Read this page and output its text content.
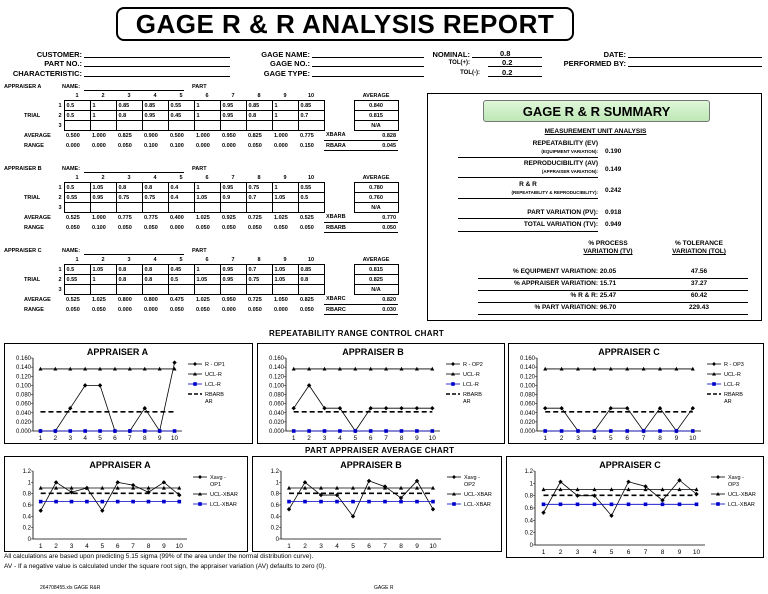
GAGE R & R ANALYSIS REPORT
CUSTOMER:
PART NO.:
CHARACTERISTIC:
GAGE NAME:
GAGE NO.:
GAGE TYPE:
NOMINAL:	0.8
TOL(+):	0.2
TOL(-):	0.2
DATE:
PERFORMED BY:
APPRAISER A	NAME:
		1	2	3	4	5	6	7	8	9	10		AVERAGE
	1	0.5	1	0.85	0.85	0.55	1	0.95	0.85	1	0.85		0.840
TRIAL	2	0.5	1	0.8	0.95	0.45	1	0.95	0.8	1	0.7		0.815
	3												N/A
AVERAGE		0.500	1.000	0.825	0.900	0.500	1.000	0.950	0.825	1.000	0.775	XBARA	0.828
RANGE		0.000	0.000	0.050	0.100	0.100	0.000	0.000	0.050	0.000	0.150	RBARA	0.045
PART
APPRAISER B	NAME:
		1	2	3	4	5	6	7	8	9	10		AVERAGE
	1	0.5	1.05	0.8	0.8	0.4	1	0.95	0.75	1	0.55		0.780
TRIAL	2	0.55	0.95	0.75	0.75	0.4	1.05	0.9	0.7	1.05	0.5		0.760
	3												N/A
AVERAGE		0.525	1.000	0.775	0.775	0.400	1.025	0.925	0.725	1.025	0.525	XBARB	0.770
RANGE		0.050	0.100	0.050	0.050	0.000	0.050	0.050	0.050	0.050	0.050	RBARB	0.050
PART
APPRAISER C	NAME:
		1	2	3	4	5	6	7	8	9	10		AVERAGE
	1	0.5	1.05	0.8	0.8	0.45	1	0.95	0.7	1.05	0.85		0.815
TRIAL	2	0.55	1	0.8	0.8	0.5	1.05	0.95	0.75	1.05	0.8		0.825
	3												N/A
AVERAGE		0.525	1.025	0.800	0.800	0.475	1.025	0.950	0.725	1.050	0.825	XBARC	0.820
RANGE		0.050	0.050	0.000	0.000	0.050	0.050	0.000	0.050	0.000	0.050	RBARC	0.030
PART
GAGE R & R SUMMARY
MEASUREMENT UNIT ANALYSIS
REPEATABILITY (EV)
(EQUIPMENT VARIATION): 0.190
REPRODUCIBILITY (AV)
(APPRAISER VARIATION): 0.149
R & R
(REPEATABILITY & REPRODUCIBILITY): 0.242
PART VARIATION (PV): 0.918
TOTAL VARIATION (TV): 0.949
% PROCESS
VARIATION (TV)
% TOLERANCE
VARIATION (TOL)
% EQUIPMENT VARIATION: 20.05	47.56
% APPRAISER VARIATION: 15.71	37.27
% R & R: 25.47	60.42
% PART VARIATION: 96.70	229.43
REPEATABILITY RANGE CONTROL CHART
PART APPRAISER AVERAGE CHART
APPRAISER A
0.000
0.020
0.040
0.060
0.080
0.100
0.120
0.140
0.160
1 2 3 4 5 6 7 8 9 10
R - OP1
UCL-R
LCL-R
RBARB
AR
APPRAISER B
0.000
0.020
0.040
0.060
0.080
0.100
0.120
0.140
0.160
1 2 3 4 5 6 7 8 9 10
R - OP2
UCL-R
LCL-R
RBARB
AR
APPRAISER C
0.000
0.020
0.040
0.060
0.080
0.100
0.120
0.140
0.160
1 2 3 4 5 6 7 8 9 10
R - OP3
UCL-R
LCL-R
RBARB
AR
APPRAISER A
0
0.2
0.4
0.6
0.8
1
1.2
1 2 3 4 5 6 7 8 9 10
Xavg -
OP1
UCL-XBAR
LCL-XBAR
APPRAISER B
0
0.2
0.4
0.6
0.8
1
1.2
1 2 3 4 5 6 7 8 9 10
Xavg -
OP2
UCL-XBAR
LCL-XBAR
APPRAISER C
0
0.2
0.4
0.6
0.8
1
1.2
1 2 3 4 5 6 7 8 9 10
Xavg -
OP3
UCL-XBAR
LCL-XBAR
All calculations are based upon predicting 5.15 sigma (99% of the area under the normal distribution curve).
AV - If a negative value is calculated under the square root sign, the appraiser variation (AV) defaults to zero (0).
264708455.xls GAGE R&R	GAGE R
